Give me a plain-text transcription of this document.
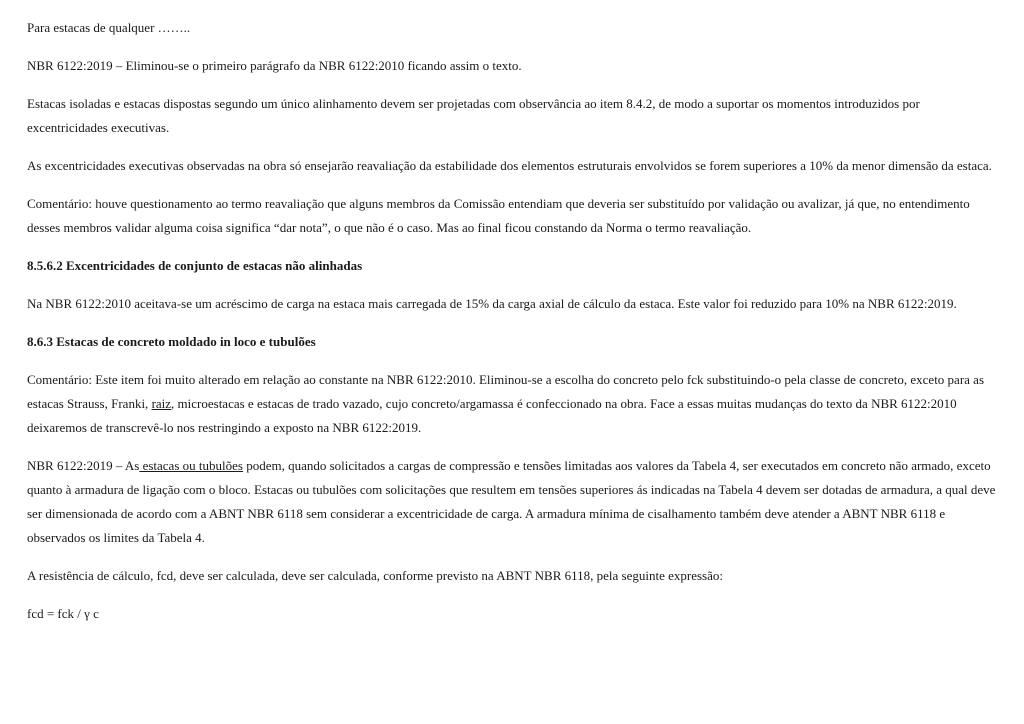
Para estacas de qualquer ……..

NBR 6122:2019 – Eliminou-se o primeiro parágrafo da NBR 6122:2010 ficando assim o texto.

Estacas isoladas e estacas dispostas segundo um único alinhamento devem ser projetadas com observância ao item 8.4.2, de modo a suportar os momentos introduzidos por excentricidades executivas.

As excentricidades executivas observadas na obra só ensejarão reavaliação da estabilidade dos elementos estruturais envolvidos se forem superiores a 10% da menor dimensão da estaca.

Comentário: houve questionamento ao termo reavaliação que alguns membros da Comissão entendiam que deveria ser substituído por validação ou avalizar, já que, no entendimento desses membros validar alguma coisa significa “dar nota”, o que não é o caso. Mas ao final ficou constando da Norma o termo reavaliação.

8.5.6.2 Excentricidades de conjunto de estacas não alinhadas

Na NBR 6122:2010 aceitava-se um acréscimo de carga na estaca mais carregada de 15% da carga axial de cálculo da estaca. Este valor foi reduzido para 10% na NBR 6122:2019.

8.6.3 Estacas de concreto moldado in loco e tubulões

Comentário: Este item foi muito alterado em relação ao constante na NBR 6122:2010. Eliminou-se a escolha do concreto pelo fck substituindo-o pela classe de concreto, exceto para as estacas Strauss, Franki, raiz, microestacas e estacas de trado vazado, cujo concreto/argamassa é confeccionado na obra. Face a essas muitas mudanças do texto da NBR 6122:2010 deixaremos de transcrevê-lo nos restringindo a exposto na NBR 6122:2019.

NBR 6122:2019 – As estacas ou tubulões podem, quando solicitados a cargas de compressão e tensões limitadas aos valores da Tabela 4, ser executados em concreto não armado, exceto quanto à armadura de ligação com o bloco. Estacas ou tubulões com solicitações que resultem em tensões superiores ás indicadas na Tabela 4 devem ser dotadas de armadura, a qual deve ser dimensionada de acordo com a ABNT NBR 6118 sem considerar a excentricidade de carga. A armadura mínima de cisalhamento também deve atender a ABNT NBR 6118 e observados os limites da Tabela 4.

A resistência de cálculo, fcd, deve ser calculada, deve ser calculada, conforme previsto na ABNT NBR 6118, pela seguinte expressão:

fcd = fck / γ c
